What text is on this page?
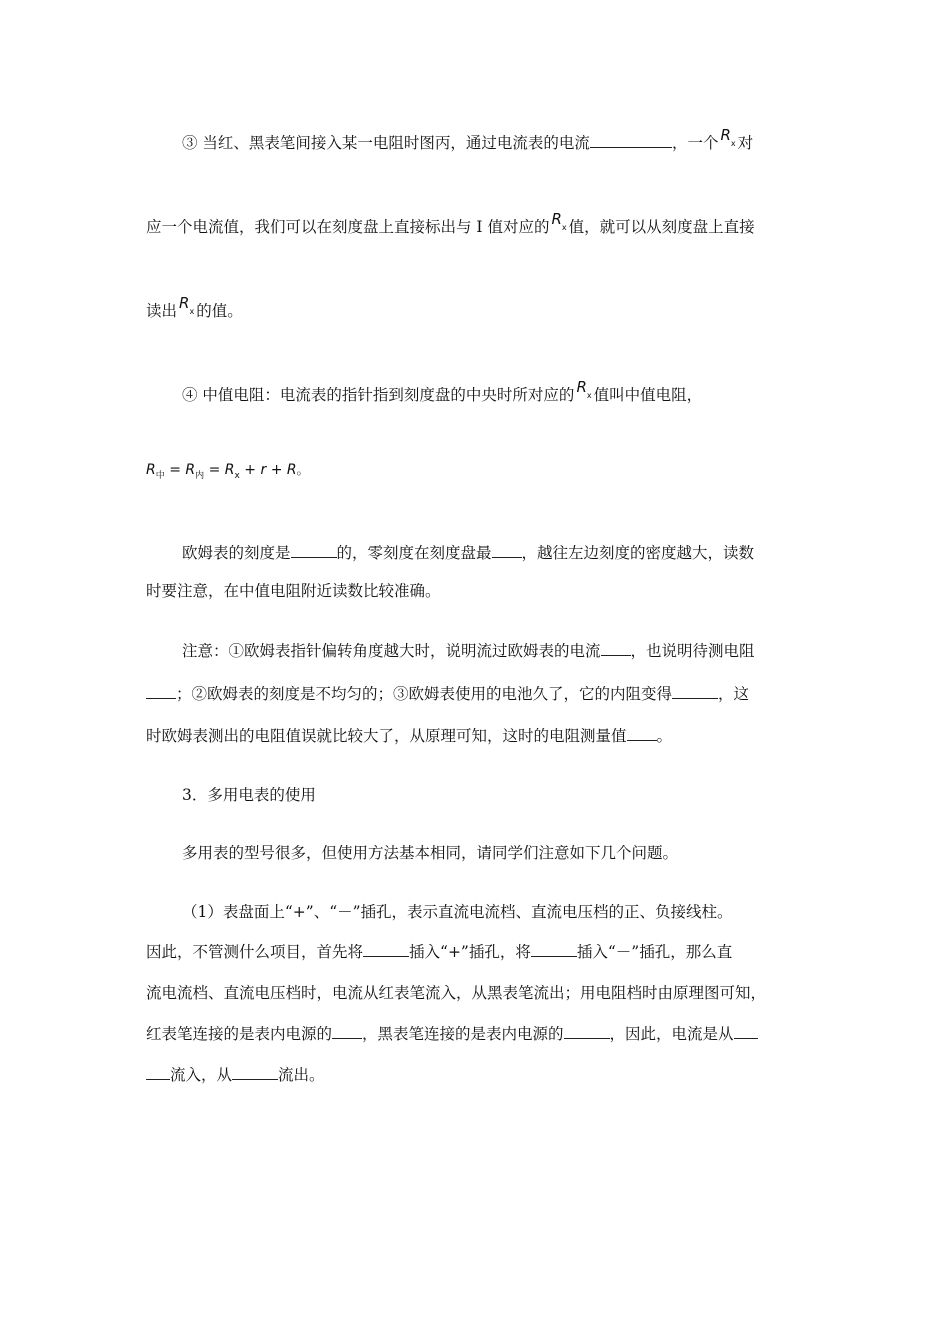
③ 当红、黑表笔间接入某一电阻时图丙，通过电流表的电流	，一个 $R_x$ 对
应一个电流值，我们可以在刻度盘上直接标出与 I 值对应的 $R_x$ 值，就可以从刻度盘上直接
读出 $R_x$ 的值。
④ 中值电阻：电流表的指针指到刻度盘的中央时所对应的 $R_x$ 值叫中值电阻，
$R_中 = R_内 = R_x + r + R$。
欧姆表的刻度是	的，零刻度在刻度盘最 ，越往左边刻度的密度越大，读数
时要注意，在中值电阻附近读数比较准确。
注意：①欧姆表指针偏转角度越大时，说明流过欧姆表的电流 ，也说明待测电阻
；②欧姆表的刻度是不均匀的；③欧姆表使用的电池久了，它的内阻变得	，这
时欧姆表测出的电阻值误就比较大了，从原理可知，这时的电阻测量值 。
3．多用电表的使用
多用表的型号很多，但使用方法基本相同，请同学们注意如下几个问题。
（1）表盘面上“+”、“－”插孔，表示直流电流档、直流电压档的正、负接线柱。
因此，不管测什么项目，首先将	插入“+”插孔，将	插入“－”插孔，那么直
流电流档、直流电压档时，电流从红表笔流入，从黑表笔流出；用电阻档时由原理图可知，
红表笔连接的是表内电源的 ，黑表笔连接的是表内电源的	，因此，电流是从
流入，从	流出。
